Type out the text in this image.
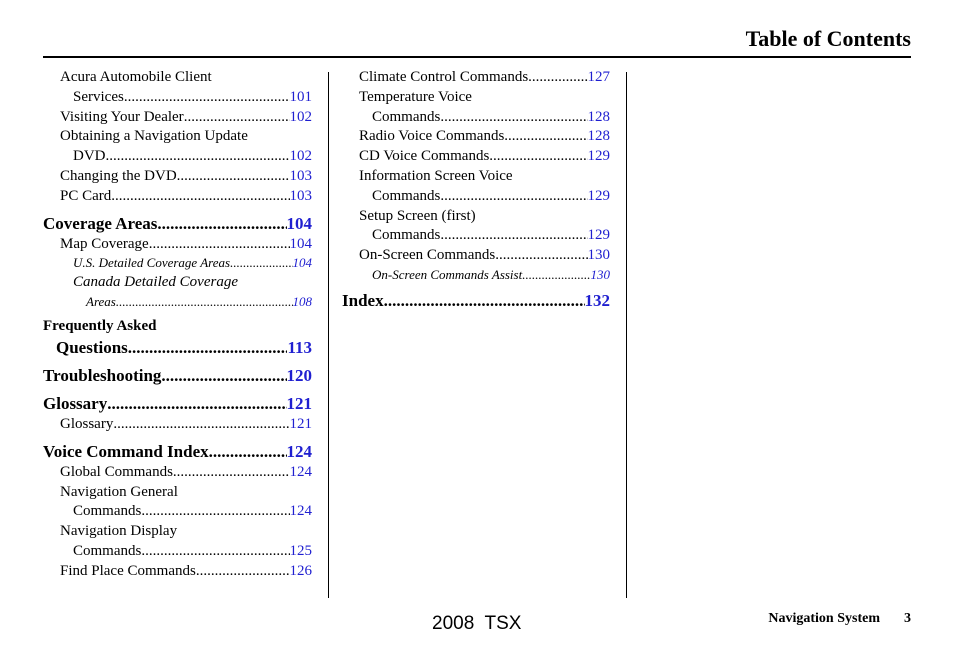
Table of Contents
Acura Automobile Client
Services .....	101
Visiting Your Dealer .....	102
Obtaining a Navigation Update
DVD .....	102
Changing the DVD .....	103
PC Card .....	103
Coverage Areas .....	104
Map Coverage .....	104
U.S. Detailed Coverage Areas .....	104
Canada Detailed Coverage
Areas .....	108
Frequently Asked
Questions .....	113
Troubleshooting .....	120
Glossary .....	121
Glossary .....	121
Voice Command Index .....	124
Global Commands .....	124
Navigation General
Commands .....	124
Navigation Display
Commands .....	125
Find Place Commands .....	126
Climate Control Commands .....	127
Temperature Voice
Commands .....	128
Radio Voice Commands .....	128
CD Voice Commands .....	129
Information Screen Voice
Commands .....	129
Setup Screen (first)
Commands .....	129
On-Screen Commands .....	130
On-Screen Commands Assist .....	130
Index .....	132
2008  TSX	Navigation System 3
